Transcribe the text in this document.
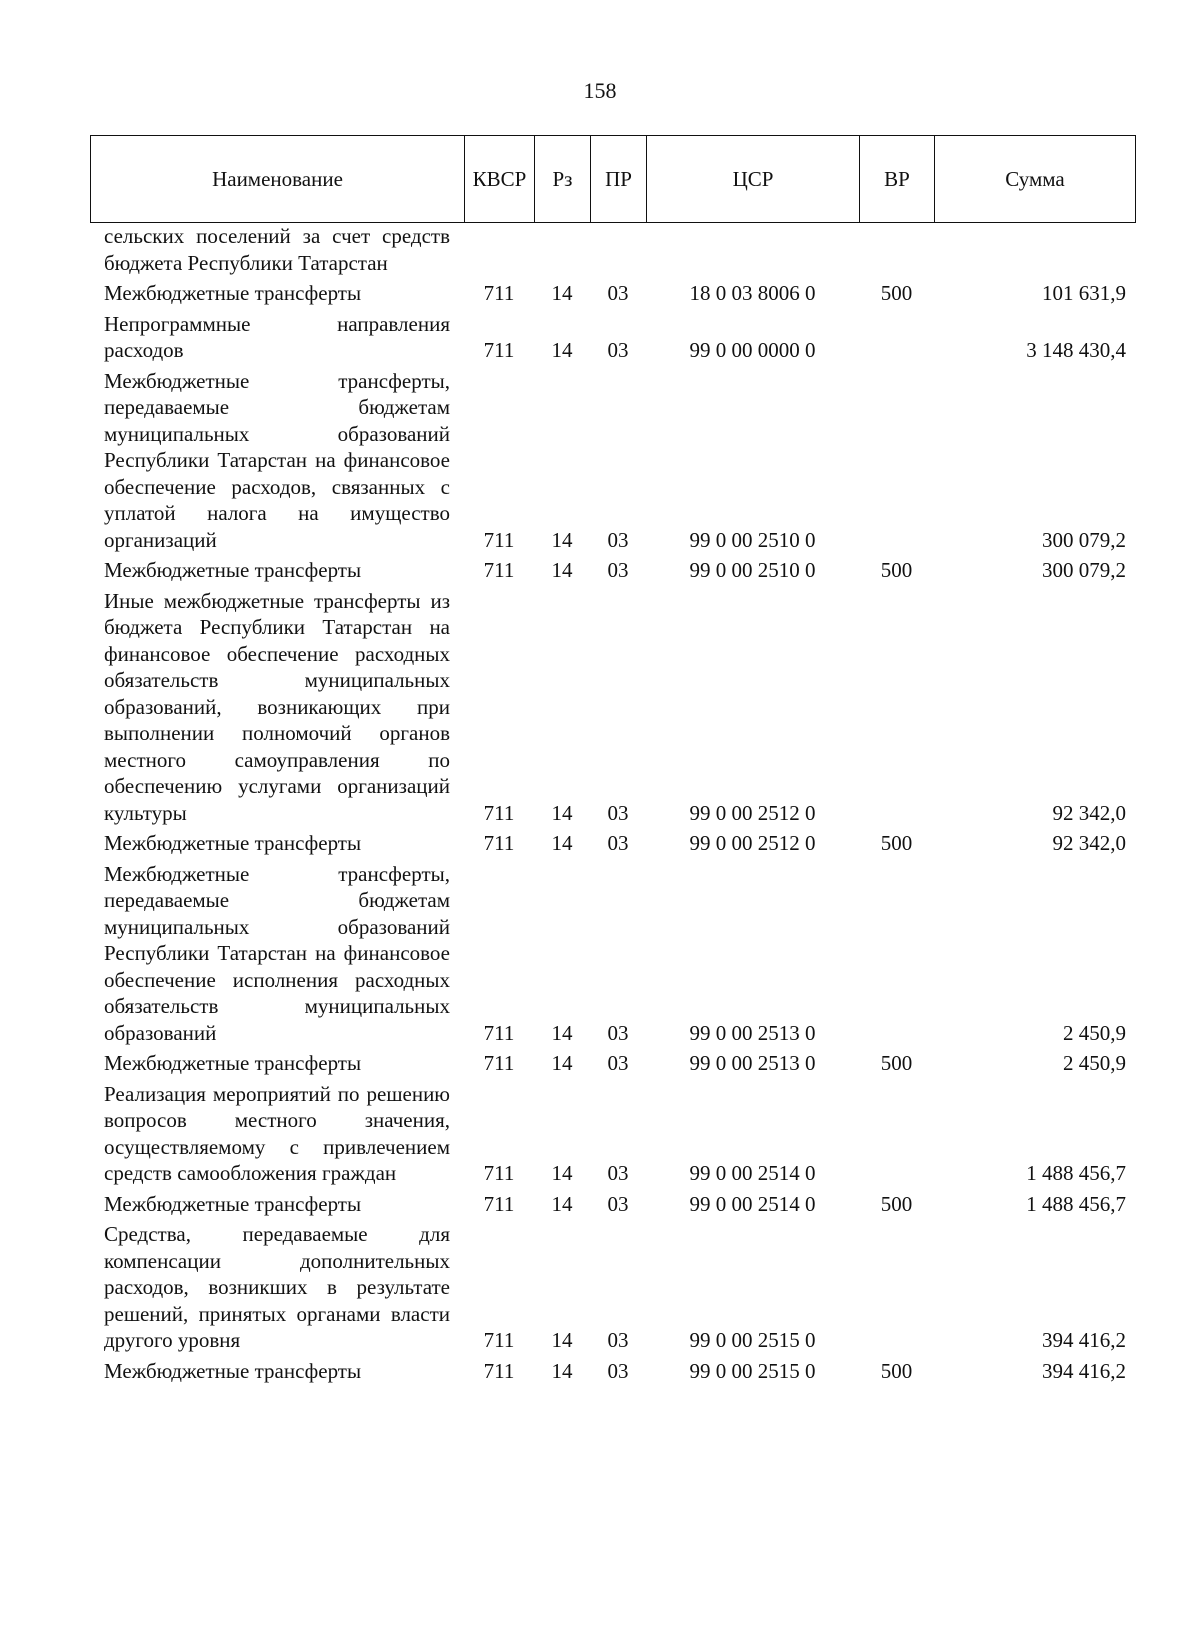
158
Наименование	КВСР	Рз	ПР	ЦСР	ВР	Сумма
сельских поселений за счет средств бюджета Республики Татарстан						

Межбюджетные трансферты	711	14	03	18 0 03 8006 0	500	101 631,9

Непрограммные направления расходов	711	14	03	99 0 00 0000 0		3 148 430,4

Межбюджетные трансферты, передаваемые бюджетам муниципальных образований Республики Татарстан на финансовое обеспечение расходов, связанных с уплатой налога на имущество организаций	711	14	03	99 0 00 2510 0		300 079,2

Межбюджетные трансферты	711	14	03	99 0 00 2510 0	500	300 079,2

Иные межбюджетные трансферты из бюджета Республики Татарстан на финансовое обеспечение расходных обязательств муниципальных образований, возникающих при выполнении полномочий органов местного самоуправления по обеспечению услугами организаций культуры	711	14	03	99 0 00 2512 0		92 342,0

Межбюджетные трансферты	711	14	03	99 0 00 2512 0	500	92 342,0

Межбюджетные трансферты, передаваемые бюджетам муниципальных образований Республики Татарстан на финансовое обеспечение исполнения расходных обязательств муниципальных образований	711	14	03	99 0 00 2513 0		2 450,9

Межбюджетные трансферты	711	14	03	99 0 00 2513 0	500	2 450,9

Реализация мероприятий по решению вопросов местного значения, осуществляемому с привлечением средств самообложения граждан	711	14	03	99 0 00 2514 0		1 488 456,7

Межбюджетные трансферты	711	14	03	99 0 00 2514 0	500	1 488 456,7

Средства, передаваемые для компенсации дополнительных расходов, возникших в результате решений, принятых органами власти другого уровня	711	14	03	99 0 00 2515 0		394 416,2

Межбюджетные трансферты	711	14	03	99 0 00 2515 0	500	394 416,2
